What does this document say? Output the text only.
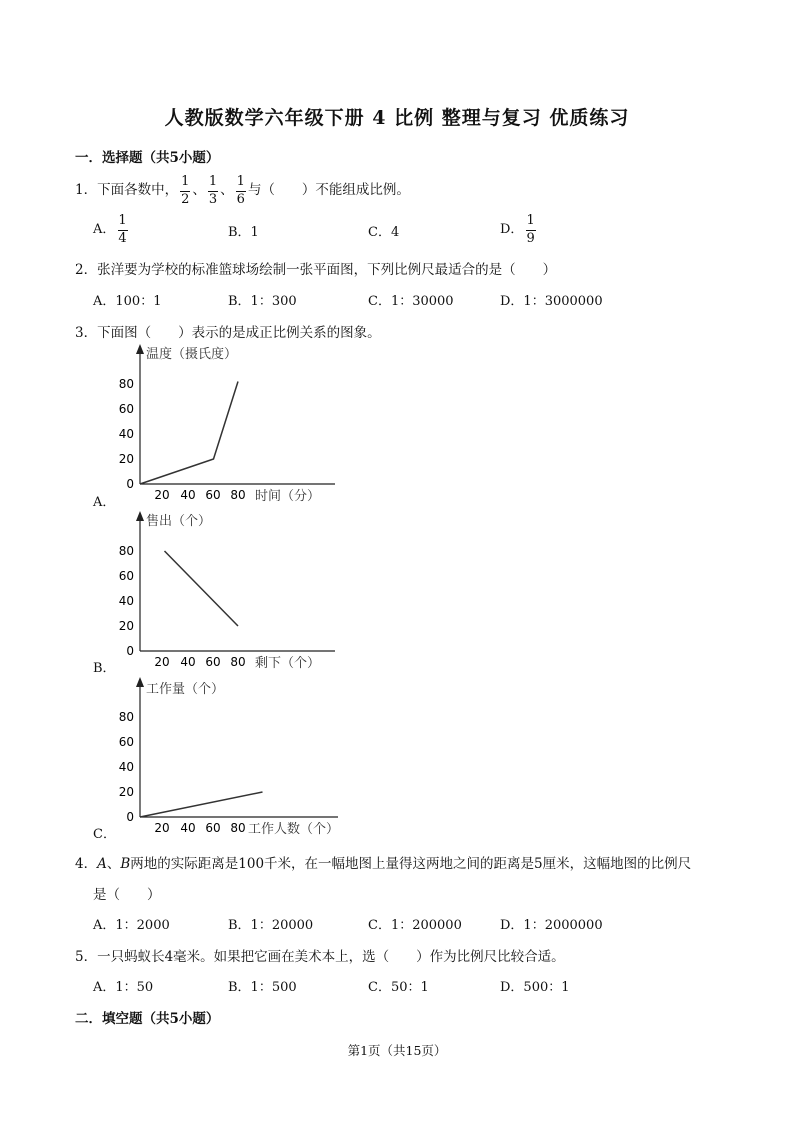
人教版数学六年级下册 4 比例 整理与复习 优质练习
一．选择题（共5小题）
1．下面各数中， $\frac{1}{2}$ 、 $\frac{1}{3}$ 、 $\frac{1}{6}$ 与（　　）不能组成比例。
A． $\frac{1}{4}$	B．1	C．4	D． $\frac{1}{9}$
2．张洋要为学校的标准篮球场绘制一张平面图，下列比例尺最适合的是（　　）
A．100：1	B．1：300	C．1：30000	D．1：3000000
3．下面图（　　）表示的是成正比例关系的图象。
A．
温度（摄氏度）
时间（分）
80
60
40
20
0
20 40 60 80
B．
售出（个）
剩下（个）
80
60
40
20
0
20 40 60 80
C．
工作量（个）
工作人数（个）
80
60
40
20
0
20 40 60 80
4．A、B两地的实际距离是100千米，在一幅地图上量得这两地之间的距离是5厘米，这幅地图的比例尺
是（　　）
A．1：2000	B．1：20000	C．1：200000	D．1：2000000
5．一只蚂蚁长4毫米。如果把它画在美术本上，选（　　）作为比例尺比较合适。
A．1：50	B．1：500	C．50：1	D．500：1
二．填空题（共5小题）
第1页（共15页）
